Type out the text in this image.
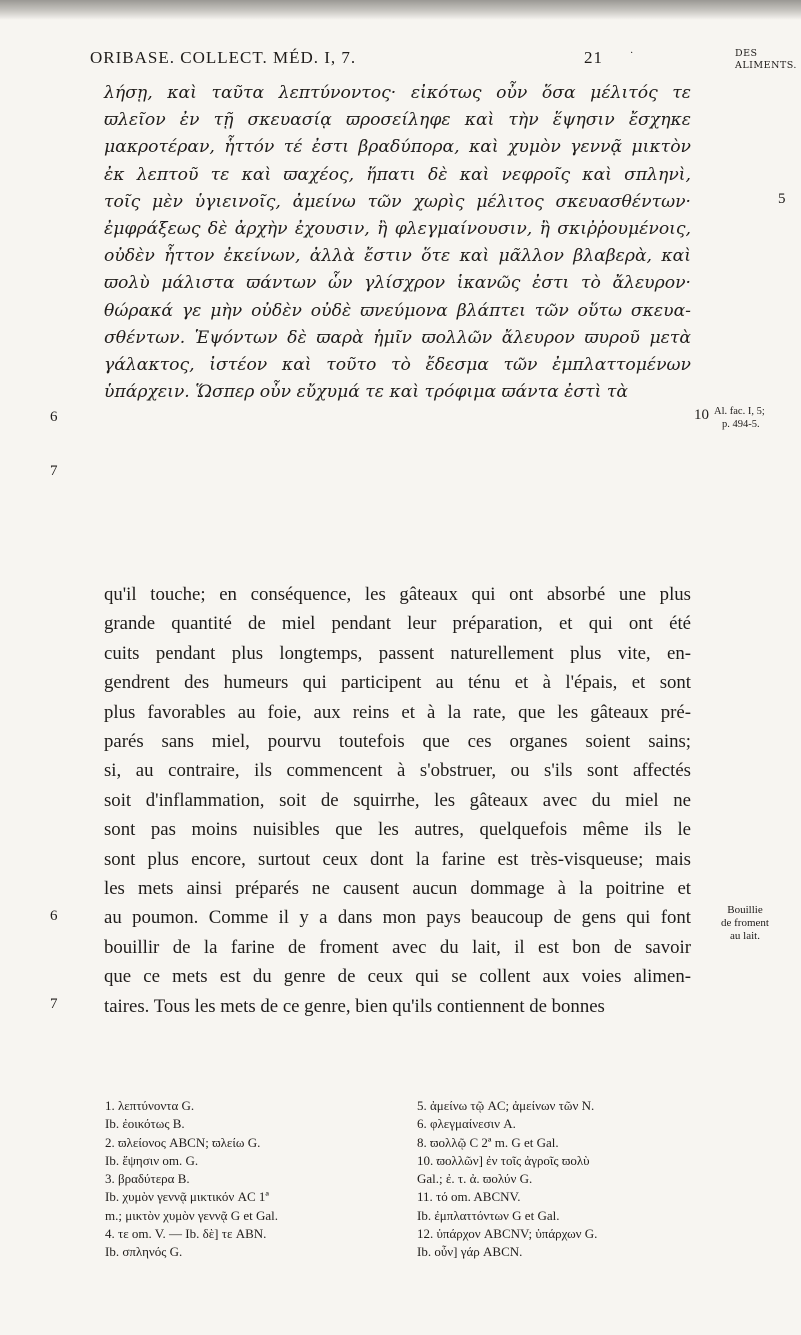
ORIBASE. COLLECT. MÉD. I, 7.	21	·	DES ALIMENTS.
λήσῃ, καὶ ταῦτα λεπτύνοντος· εἰκότως οὖν ὅσα μέλιτός τε
ϖλεῖον ἐν τῇ σκευασίᾳ ϖροσείληφε καὶ τὴν ἕψησιν ἔσχηκε
μακροτέραν, ἧττόν τέ ἐστι βραδύπορα, καὶ χυμὸν γεννᾷ μικτὸν
ἐκ λεπτοῦ τε καὶ ϖαχέος, ἥπατι δὲ καὶ νεφροῖς καὶ σπληνὶ,
τοῖς μὲν ὑγιεινοῖς, ἀμείνω τῶν χωρὶς μέλιτος σκευασθέντων·
ἐμφράξεως δὲ ἀρχὴν ἐχουσιν, ἢ φλεγμαίνουσιν, ἢ σκιῤῥουμένοις,
οὐδὲν ἧττον ἐκείνων, ἀλλὰ ἔστιν ὅτε καὶ μᾶλλον βλαβερὰ, καὶ
ϖολὺ μάλιστα ϖάντων ὧν γλίσχρον ἱκανῶς ἐστι τὸ ἄλευρον·
θώρακά γε μὴν οὐδὲν οὐδὲ ϖνεύμονα βλάπτει τῶν οὕτω σκευα-
σθέντων. Ἑψόντων δὲ ϖαρὰ ἡμῖν ϖολλῶν ἄλευρον ϖυροῦ μετὰ
γάλακτος, ἰστέον καὶ τοῦτο τὸ ἔδεσμα τῶν ἐμπλαττομένων
ὑπάρχειν. Ὥσπερ οὖν εὔχυμά τε καὶ τρόφιμα ϖάντα ἐστὶ τὰ
5
6	10 Al. fac. I, 5;
p. 494-5.
7
qu'il touche; en conséquence, les gâteaux qui ont absorbé une plus
grande quantité de miel pendant leur préparation, et qui ont été
cuits pendant plus longtemps, passent naturellement plus vite, en-
gendrent des humeurs qui participent au ténu et à l'épais, et sont
plus favorables au foie, aux reins et à la rate, que les gâteaux pré-
parés sans miel, pourvu toutefois que ces organes soient sains;
si, au contraire, ils commencent à s'obstruer, ou s'ils sont affectés
soit d'inflammation, soit de squirrhe, les gâteaux avec du miel ne
sont pas moins nuisibles que les autres, quelquefois même ils le
sont plus encore, surtout ceux dont la farine est très-visqueuse; mais
les mets ainsi préparés ne causent aucun dommage à la poitrine et
au poumon. Comme il y a dans mon pays beaucoup de gens qui font
bouillir de la farine de froment avec du lait, il est bon de savoir
que ce mets est du genre de ceux qui se collent aux voies alimen-
taires. Tous les mets de ce genre, bien qu'ils contiennent de bonnes
6
7
Bouillie
de froment
au lait.
1. λεπτύνοντα G.
Ib. ἐοικότως B.
2. ϖλείονος ABCN; ϖλείω G.
Ib. ἕψησιν om. G.
3. βραδύτερα B.
Ib. χυμὸν γεννᾷ μικτικόν AC 1ª
m.; μικτὸν χυμὸν γεννᾷ G et Gal.
4. τε om. V. — Ib. δὲ] τε ABN.
Ib. σπληνός G.
5. ἀμείνω τῷ AC; ἀμείνων τῶν N.
6. φλεγμαίνεσιν A.
8. ϖολλῷ C 2ª m. G et Gal.
10. ϖολλῶν] ἐν τοῖς ἀγροῖς ϖολὺ
Gal.; ἐ. τ. ἀ. ϖολύν G.
11. τό om. ABCNV.
Ib. ἐμπλαττόντων G et Gal.
12. ὑπάρχον ABCNV; ὑπάρχων G.
Ib. οὖν] γάρ ABCN.
